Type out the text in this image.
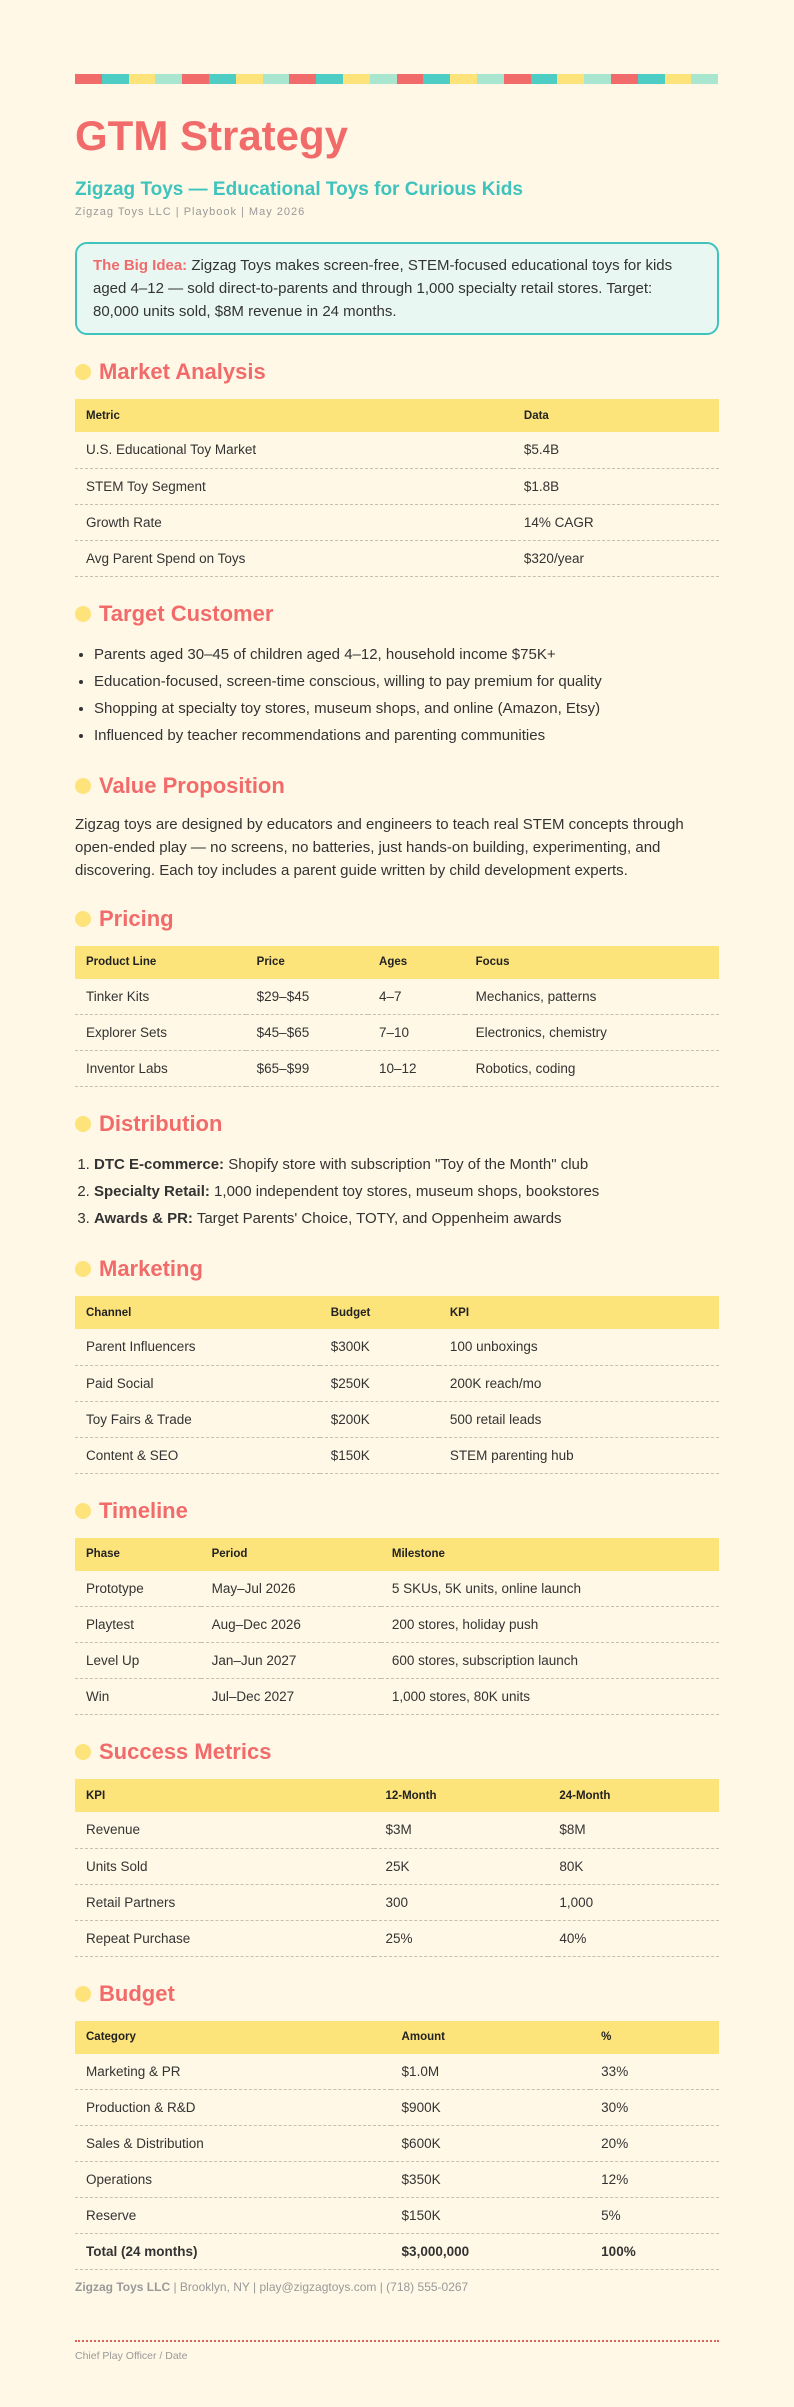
GTM Strategy
Zigzag Toys — Educational Toys for Curious Kids
Zigzag Toys LLC | Playbook | May 2026
The Big Idea: Zigzag Toys makes screen-free, STEM-focused educational toys for kids aged 4–12 — sold direct-to-parents and through 1,000 specialty retail stores. Target: 80,000 units sold, $8M revenue in 24 months.
Market Analysis
Metric	Data
U.S. Educational Toy Market	$5.4B
STEM Toy Segment	$1.8B
Growth Rate	14% CAGR
Avg Parent Spend on Toys	$320/year
Target Customer
• Parents aged 30–45 of children aged 4–12, household income $75K+
• Education-focused, screen-time conscious, willing to pay premium for quality
• Shopping at specialty toy stores, museum shops, and online (Amazon, Etsy)
• Influenced by teacher recommendations and parenting communities
Value Proposition

Zigzag toys are designed by educators and engineers to teach real STEM concepts through open-ended play — no screens, no batteries, just hands-on building, experimenting, and discovering. Each toy includes a parent guide written by child development experts.

Pricing
Product Line	Price	Ages	Focus
Tinker Kits	$29–$45	4–7	Mechanics, patterns
Explorer Sets	$45–$65	7–10	Electronics, chemistry
Inventor Labs	$65–$99	10–12	Robotics, coding
Distribution
1. DTC E-commerce: Shopify store with subscription "Toy of the Month" club
2. Specialty Retail: 1,000 independent toy stores, museum shops, bookstores
3. Awards & PR: Target Parents' Choice, TOTY, and Oppenheim awards
Marketing
Channel	Budget	KPI
Parent Influencers	$300K	100 unboxings
Paid Social	$250K	200K reach/mo
Toy Fairs & Trade	$200K	500 retail leads
Content & SEO	$150K	STEM parenting hub
Timeline
Phase	Period	Milestone
Prototype	May–Jul 2026	5 SKUs, 5K units, online launch
Playtest	Aug–Dec 2026	200 stores, holiday push
Level Up	Jan–Jun 2027	600 stores, subscription launch
Win	Jul–Dec 2027	1,000 stores, 80K units
Success Metrics
KPI	12-Month	24-Month
Revenue	$3M	$8M
Units Sold	25K	80K
Retail Partners	300	1,000
Repeat Purchase	25%	40%
Budget
Category	Amount	%
Marketing & PR	$1.0M	33%
Production & R&D	$900K	30%
Sales & Distribution	$600K	20%
Operations	$350K	12%
Reserve	$150K	5%
Total (24 months)	$3,000,000	100%
Zigzag Toys LLC | Brooklyn, NY | play@zigzagtoys.com | (718) 555-0267
Chief Play Officer / Date
